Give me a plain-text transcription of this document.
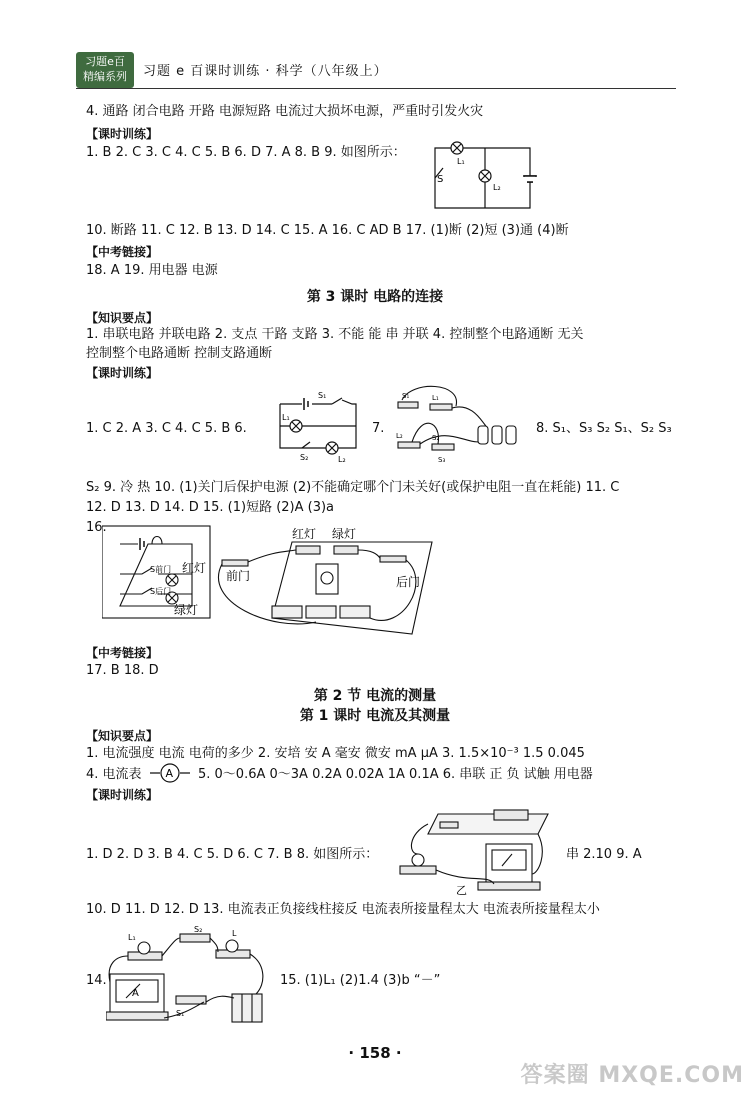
习题e百
精编系列	习题 e 百课时训练 · 科学（八年级上）
4. 通路 闭合电路 开路 电源短路 电流过大损坏电源，严重时引发火灾
【课时训练】
1. B 2. C 3. C 4. C 5. B 6. D 7. A 8. B 9. 如图所示：
S
L₁
L₂
10. 断路 11. C 12. B 13. D 14. C 15. A 16. C AD B 17. (1)断 (2)短 (3)通 (4)断
【中考链接】
18. A 19. 用电器 电源
第 3 课时 电路的连接
【知识要点】
1. 串联电路 并联电路 2. 支点 干路 支路 3. 不能 能 串 并联 4. 控制整个电路通断 无关
控制整个电路通断 控制支路通断
【课时训练】
1. C 2. A 3. C 4. C 5. B 6.
S₁
L₁
S₂	L₂
7.
S₁	L₁
L₂	S₂
S₃
8. S₁、S₃ S₂ S₁、S₂ S₃
S₂ 9. 冷 热 10. (1)关门后保护电源 (2)不能确定哪个门未关好(或保护电阻一直在耗能) 11. C
12. D 13. D 14. D 15. (1)短路 (2)A (3)a
16.
S前门 红灯
S后门
绿灯
红灯 绿灯
前门	后门
【中考链接】
17. B 18. D
第 2 节 电流的测量
第 1 课时 电流及其测量
【知识要点】
1. 电流强度 电流 电荷的多少 2. 安培 安 A 毫安 微安 mA μA 3. 1.5×10⁻³ 1.5 0.045
4. 电流表 A 5. 0～0.6A 0～3A 0.2A 0.02A 1A 0.1A 6. 串联 正 负 试触 用电器
【课时训练】
1. D 2. D 3. B 4. C 5. D 6. C 7. B 8. 如图所示：
乙
串 2.10 9. A
10. D 11. D 12. D 13. 电流表正负接线柱接反 电流表所接量程太大 电流表所接量程太小
14.
L₁
S₂	L
A
S₁
15. (1)L₁ (2)1.4 (3)b “－”
· 158 ·
答案圈 MXQE.COM
